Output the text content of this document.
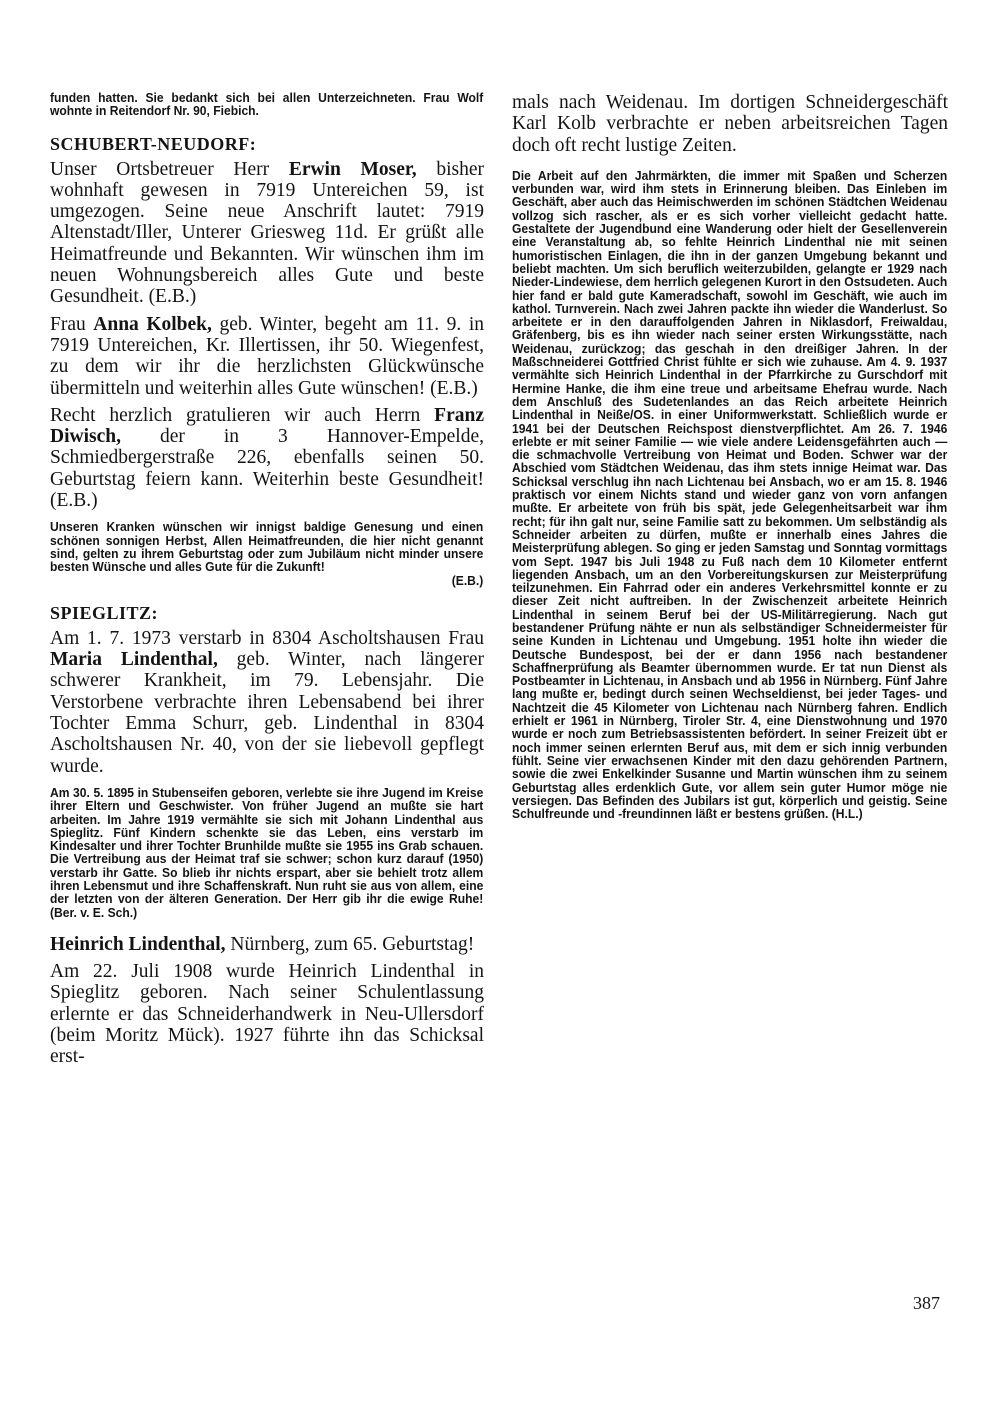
funden hatten. Sie bedankt sich bei allen Unterzeichneten. Frau Wolf wohnte in Reitendorf Nr. 90, Fiebich.

SCHUBERT-NEUDORF:

Unser Ortsbetreuer Herr Erwin Moser, bisher wohnhaft gewesen in 7919 Untereichen 59, ist umgezogen. Seine neue Anschrift lautet: 7919 Altenstadt/Iller, Unterer Griesweg 11d. Er grüßt alle Heimatfreunde und Bekannten. Wir wünschen ihm im neuen Wohnungsbereich alles Gute und beste Gesundheit. (E.B.)

Frau Anna Kolbek, geb. Winter, begeht am 11. 9. in 7919 Untereichen, Kr. Illertissen, ihr 50. Wiegenfest, zu dem wir ihr die herzlichsten Glückwünsche übermitteln und weiterhin alles Gute wünschen! (E.B.)

Recht herzlich gratulieren wir auch Herrn Franz Diwisch, der in 3 Hannover-Empelde, Schmiedbergerstraße 226, ebenfalls seinen 50. Geburtstag feiern kann. Weiterhin beste Gesundheit! (E.B.)

Unseren Kranken wünschen wir innigst baldige Genesung und einen schönen sonnigen Herbst, Allen Heimatfreunden, die hier nicht genannt sind, gelten zu ihrem Geburtstag oder zum Jubiläum nicht minder unsere besten Wünsche und alles Gute für die Zukunft!

(E.B.)

SPIEGLITZ:

Am 1. 7. 1973 verstarb in 8304 Ascholtshausen Frau Maria Lindenthal, geb. Winter, nach längerer schwerer Krankheit, im 79. Lebensjahr. Die Verstorbene verbrachte ihren Lebensabend bei ihrer Tochter Emma Schurr, geb. Lindenthal in 8304 Ascholtshausen Nr. 40, von der sie liebevoll gepflegt wurde.

Am 30. 5. 1895 in Stubenseifen geboren, verlebte sie ihre Jugend im Kreise ihrer Eltern und Geschwister. Von früher Jugend an mußte sie hart arbeiten. Im Jahre 1919 vermählte sie sich mit Johann Lindenthal aus Spieglitz. Fünf Kindern schenkte sie das Leben, eins verstarb im Kindesalter und ihrer Tochter Brunhilde mußte sie 1955 ins Grab schauen. Die Vertreibung aus der Heimat traf sie schwer; schon kurz darauf (1950) verstarb ihr Gatte. So blieb ihr nichts erspart, aber sie behielt trotz allem ihren Lebensmut und ihre Schaffenskraft. Nun ruht sie aus von allem, eine der letzten von der älteren Generation. Der Herr gib ihr die ewige Ruhe! (Ber. v. E. Sch.)

Heinrich Lindenthal, Nürnberg, zum 65. Geburtstag!

Am 22. Juli 1908 wurde Heinrich Lindenthal in Spieglitz geboren. Nach seiner Schulentlassung erlernte er das Schneiderhandwerk in Neu-Ullersdorf (beim Moritz Mück). 1927 führte ihn das Schicksal erst-

mals nach Weidenau. Im dortigen Schneidergeschäft Karl Kolb verbrachte er neben arbeitsreichen Tagen doch oft recht lustige Zeiten.

Die Arbeit auf den Jahrmärkten, die immer mit Spaßen und Scherzen verbunden war, wird ihm stets in Erinnerung bleiben. Das Einleben im Geschäft, aber auch das Heimischwerden im schönen Städtchen Weidenau vollzog sich rascher, als er es sich vorher vielleicht gedacht hatte. Gestaltete der Jugendbund eine Wanderung oder hielt der Gesellenverein eine Veranstaltung ab, so fehlte Heinrich Lindenthal nie mit seinen humoristischen Einlagen, die ihn in der ganzen Umgebung bekannt und beliebt machten. Um sich beruflich weiterzubilden, gelangte er 1929 nach Nieder-Lindewiese, dem herrlich gelegenen Kurort in den Ostsudeten. Auch hier fand er bald gute Kameradschaft, sowohl im Geschäft, wie auch im kathol. Turnverein. Nach zwei Jahren packte ihn wieder die Wanderlust. So arbeitete er in den darauffolgenden Jahren in Niklasdorf, Freiwaldau, Gräfenberg, bis es ihn wieder nach seiner ersten Wirkungsstätte, nach Weidenau, zurückzog; das geschah in den dreißiger Jahren. In der Maßschneiderei Gottfried Christ fühlte er sich wie zuhause. Am 4. 9. 1937 vermählte sich Heinrich Lindenthal in der Pfarrkirche zu Gurschdorf mit Hermine Hanke, die ihm eine treue und arbeitsame Ehefrau wurde. Nach dem Anschluß des Sudetenlandes an das Reich arbeitete Heinrich Lindenthal in Neiße/OS. in einer Uniformwerkstatt. Schließlich wurde er 1941 bei der Deutschen Reichspost dienstverpflichtet. Am 26. 7. 1946 erlebte er mit seiner Familie — wie viele andere Leidensgefährten auch — die schmachvolle Vertreibung von Heimat und Boden. Schwer war der Abschied vom Städtchen Weidenau, das ihm stets innige Heimat war. Das Schicksal verschlug ihn nach Lichtenau bei Ansbach, wo er am 15. 8. 1946 praktisch vor einem Nichts stand und wieder ganz von vorn anfangen mußte. Er arbeitete von früh bis spät, jede Gelegenheitsarbeit war ihm recht; für ihn galt nur, seine Familie satt zu bekommen. Um selbständig als Schneider arbeiten zu dürfen, mußte er innerhalb eines Jahres die Meisterprüfung ablegen. So ging er jeden Samstag und Sonntag vormittags vom Sept. 1947 bis Juli 1948 zu Fuß nach dem 10 Kilometer entfernt liegenden Ansbach, um an den Vorbereitungskursen zur Meisterprüfung teilzunehmen. Ein Fahrrad oder ein anderes Verkehrsmittel konnte er zu dieser Zeit nicht auftreiben. In der Zwischenzeit arbeitete Heinrich Lindenthal in seinem Beruf bei der US-Militärregierung. Nach gut bestandener Prüfung nähte er nun als selbständiger Schneidermeister für seine Kunden in Lichtenau und Umgebung. 1951 holte ihn wieder die Deutsche Bundespost, bei der er dann 1956 nach bestandener Schaffnerprüfung als Beamter übernommen wurde. Er tat nun Dienst als Postbeamter in Lichtenau, in Ansbach und ab 1956 in Nürnberg. Fünf Jahre lang mußte er, bedingt durch seinen Wechseldienst, bei jeder Tages- und Nachtzeit die 45 Kilometer von Lichtenau nach Nürnberg fahren. Endlich erhielt er 1961 in Nürnberg, Tiroler Str. 4, eine Dienstwohnung und 1970 wurde er noch zum Betriebsassistenten befördert. In seiner Freizeit übt er noch immer seinen erlernten Beruf aus, mit dem er sich innig verbunden fühlt. Seine vier erwachsenen Kinder mit den dazu gehörenden Partnern, sowie die zwei Enkelkinder Susanne und Martin wünschen ihm zu seinem Geburtstag alles erdenklich Gute, vor allem sein guter Humor möge nie versiegen. Das Befinden des Jubilars ist gut, körperlich und geistig. Seine Schulfreunde und -freundinnen läßt er bestens grüßen. (H.L.)

387
